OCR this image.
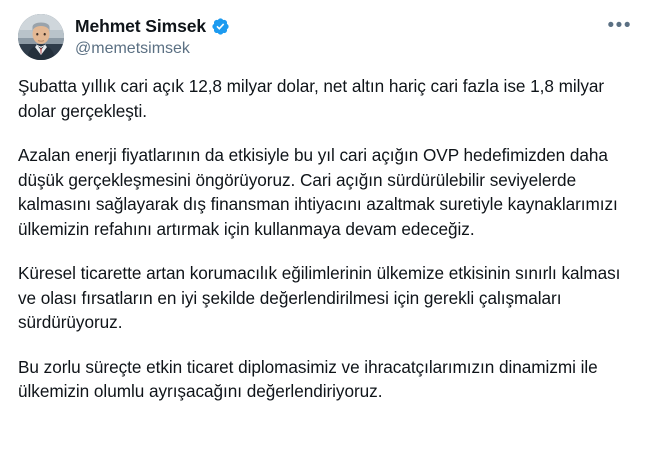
Mehmet Simsek
@memetsimsek
•••

Şubatta yıllık cari açık 12,8 milyar dolar, net altın hariç cari fazla ise 1,8 milyar dolar gerçekleşti.

Azalan enerji fiyatlarının da etkisiyle bu yıl cari açığın OVP hedefimizden daha düşük gerçekleşmesini öngörüyoruz. Cari açığın sürdürülebilir seviyelerde kalmasını sağlayarak dış finansman ihtiyacını azaltmak suretiyle kaynaklarımızı ülkemizin refahını artırmak için kullanmaya devam edeceğiz.

Küresel ticarette artan korumacılık eğilimlerinin ülkemize etkisinin sınırlı kalması ve olası fırsatların en iyi şekilde değerlendirilmesi için gerekli çalışmaları sürdürüyoruz.

Bu zorlu süreçte etkin ticaret diplomasimiz ve ihracatçılarımızın dinamizmi ile ülkemizin olumlu ayrışacağını değerlendiriyoruz.
